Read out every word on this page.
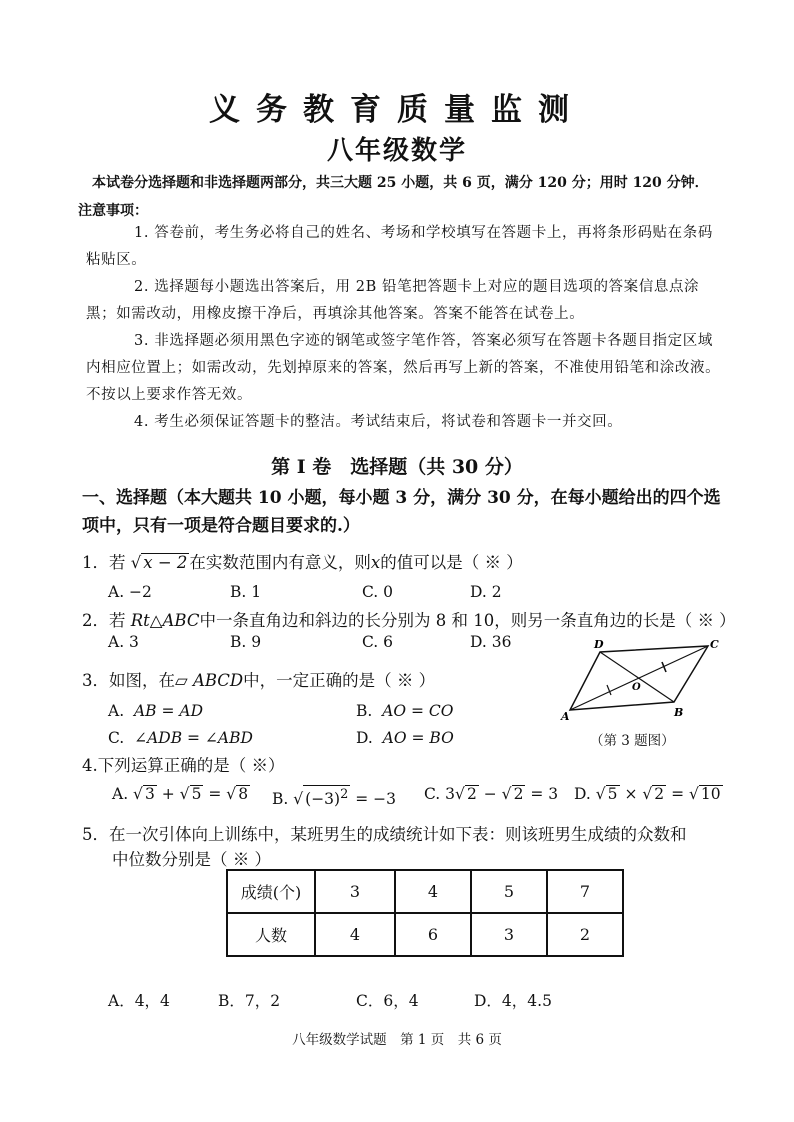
义务教育质量监测
八年级数学
本试卷分选择题和非选择题两部分，共三大题 25 小题，共 6 页，满分 120 分；用时 120 分钟．
注意事项：
1. 答卷前，考生务必将自己的姓名、考场和学校填写在答题卡上，再将条形码贴在条码粘贴区。
2. 选择题每小题选出答案后，用 2B 铅笔把答题卡上对应的题目选项的答案信息点涂黑；如需改动，用橡皮擦干净后，再填涂其他答案。答案不能答在试卷上。
3. 非选择题必须用黑色字迹的钢笔或签字笔作答，答案必须写在答题卡各题目指定区域内相应位置上；如需改动，先划掉原来的答案，然后再写上新的答案，不准使用铅笔和涂改液。不按以上要求作答无效。
4. 考生必须保证答题卡的整洁。考试结束后，将试卷和答题卡一并交回。
第 I 卷　选择题（共 30 分）
一、选择题（本大题共 10 小题，每小题 3 分，满分 30 分，在每小题给出的四个选项中，只有一项是符合题目要求的.）
1．若 √ x − 2 在实数范围内有意义，则x的值可以是（ ※ ）
A. −2	B. 1	C. 0	D. 2
2．若 Rt△ABC中一条直角边和斜边的长分别为 8 和 10，则另一条直角边的长是（ ※ ）
A. 3	B. 9	C. 6	D. 36
3．如图，在▱ ABCD中，一定正确的是（ ※ ）
A. AB = AD	B. AO = CO
C. ∠ADB = ∠ABD	D. AO = BO
D	C
O
A	B
（第 3 题图）
4.下列运算正确的是（ ※）
A. √ 3 + √ 5 = √ 8 B. √ $(-3)^2 = -3$ C. 3√ 2 − √ 2 = 3 D. √ 5 × √ 2 = √ 10
5．在一次引体向上训练中，某班男生的成绩统计如下表：则该班男生成绩的众数和
中位数分别是（ ※ ）
成绩(个)	3	4	5	7
人数	4	6	3	2
A．4，4	B．7，2	C．6，4	D．4，4.5
八年级数学试题　第 1 页　共 6 页
